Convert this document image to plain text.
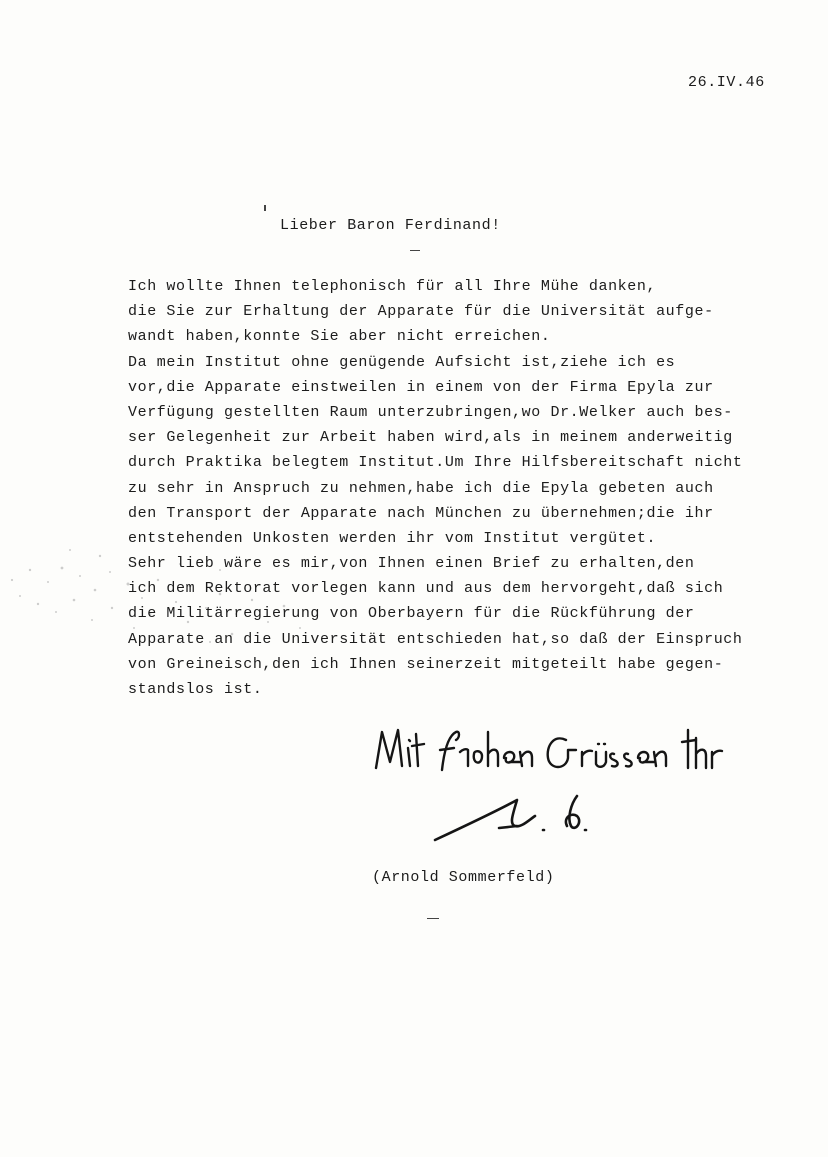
26.IV.46
Lieber Baron Ferdinand!
Ich wollte Ihnen telephonisch für all Ihre Mühe danken,
die Sie zur Erhaltung der Apparate für die Universität aufge-
wandt haben,konnte Sie aber nicht erreichen.
Da mein Institut ohne genügende Aufsicht ist,ziehe ich es
vor,die Apparate einstweilen in einem von der Firma Epyla zur
Verfügung gestellten Raum unterzubringen,wo Dr.Welker auch bes-
ser Gelegenheit zur Arbeit haben wird,als in meinem anderweitig
durch Praktika belegtem Institut.Um Ihre Hilfsbereitschaft nicht
zu sehr in Anspruch zu nehmen,habe ich die Epyla gebeten auch
den Transport der Apparate nach München zu übernehmen;die ihr
entstehenden Unkosten werden ihr vom Institut vergütet.
Sehr lieb wäre es mir,von Ihnen einen Brief zu erhalten,den
ich dem Rektorat vorlegen kann und aus dem hervorgeht,daß sich
die Militärregierung von Oberbayern für die Rückführung der
Apparate an die Universität entschieden hat,so daß der Einspruch
von Greineisch,den ich Ihnen seinerzeit mitgeteilt habe gegen-
standslos ist.
(Arnold Sommerfeld)
